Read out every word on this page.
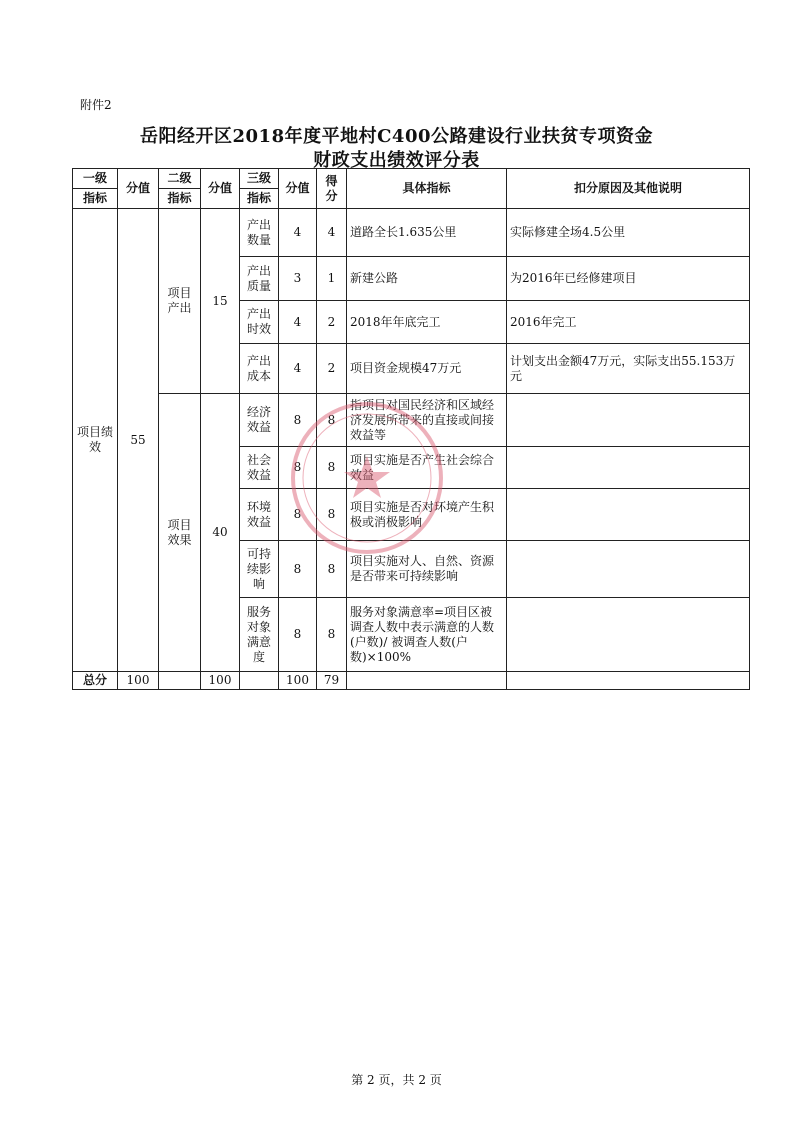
附件2
岳阳经开区2018年度平地村C400公路建设行业扶贫专项资金
财政支出绩效评分表
一级	分值	二级	分值	三级	分值	得分	具体指标	扣分原因及其他说明
指标		指标		指标				
项目绩效	55	项目产出	15	产出数量	4	4	道路全长1.635公里	实际修建全场4.5公里
				产出质量	3	1	新建公路	为2016年已经修建项目
				产出时效	4	2	2018年年底完工	2016年完工
				产出成本	4	2	项目资金规模47万元	计划支出金额47万元，实际支出55.153万元
		项目效果	40	经济效益	8	8	指项目对国民经济和区域经济发展所带来的直接或间接效益等	
				社会效益	8	8	项目实施是否产生社会综合效益	
				环境效益	8	8	项目实施是否对环境产生积极或消极影响	
				可持续影响	8	8	项目实施对人、自然、资源是否带来可持续影响	
				服务对象满意度	8	8	服务对象满意率=项目区被调查人数中表示满意的人数(户数)/ 被调查人数(户数)×100%	
总分	100		100		100	79		
第 2 页，共 2 页
